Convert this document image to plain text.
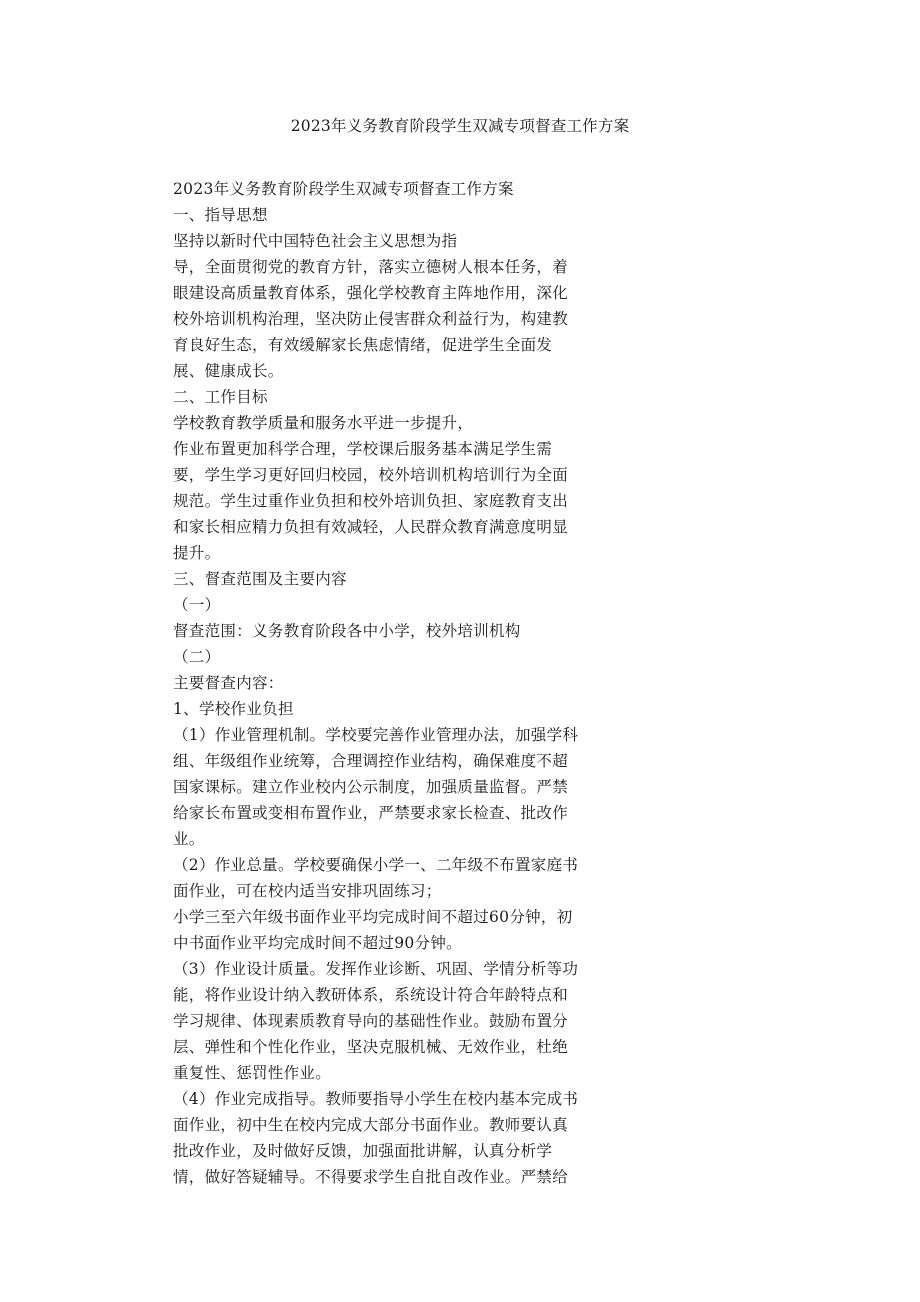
2023年义务教育阶段学生双减专项督查工作方案
2023年义务教育阶段学生双减专项督查工作方案
一、指导思想
坚持以新时代中国特色社会主义思想为指
导，全面贯彻党的教育方针，落实立德树人根本任务，着
眼建设高质量教育体系，强化学校教育主阵地作用，深化
校外培训机构治理，坚决防止侵害群众利益行为，构建教
育良好生态，有效缓解家长焦虑情绪，促进学生全面发
展、健康成长。
二、工作目标
学校教育教学质量和服务水平进一步提升，
作业布置更加科学合理，学校课后服务基本满足学生需
要，学生学习更好回归校园，校外培训机构培训行为全面
规范。学生过重作业负担和校外培训负担、家庭教育支出
和家长相应精力负担有效减轻，人民群众教育满意度明显
提升。
三、督查范围及主要内容
（一）
督查范围：义务教育阶段各中小学，校外培训机构
（二）
主要督查内容：
1、学校作业负担
（1）作业管理机制。学校要完善作业管理办法，加强学科
组、年级组作业统筹，合理调控作业结构，确保难度不超
国家课标。建立作业校内公示制度，加强质量监督。严禁
给家长布置或变相布置作业，严禁要求家长检查、批改作
业。
（2）作业总量。学校要确保小学一、二年级不布置家庭书
面作业，可在校内适当安排巩固练习；
小学三至六年级书面作业平均完成时间不超过60分钟，初
中书面作业平均完成时间不超过90分钟。
（3）作业设计质量。发挥作业诊断、巩固、学情分析等功
能，将作业设计纳入教研体系，系统设计符合年龄特点和
学习规律、体现素质教育导向的基础性作业。鼓励布置分
层、弹性和个性化作业，坚决克服机械、无效作业，杜绝
重复性、惩罚性作业。
（4）作业完成指导。教师要指导小学生在校内基本完成书
面作业，初中生在校内完成大部分书面作业。教师要认真
批改作业，及时做好反馈，加强面批讲解，认真分析学
情，做好答疑辅导。不得要求学生自批自改作业。严禁给
